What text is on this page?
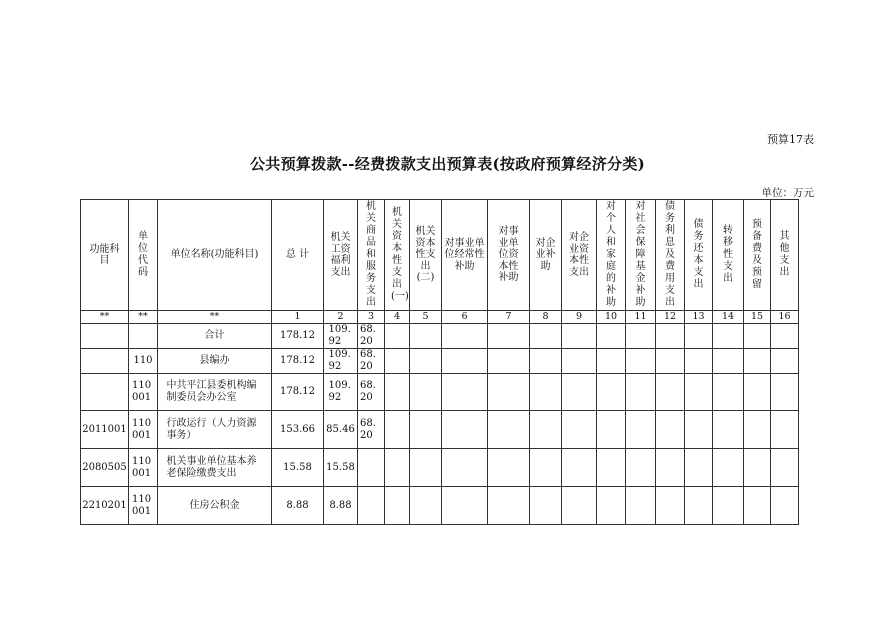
预算17表
公共预算拨款--经费拨款支出预算表(按政府预算经济分类)
单位：万元
功能科目	单位代码	单位名称(功能科目)	总 计	机关工资福利支出	机关商品和服务支出	机关资本性支出(一)	机关资本性支出(二)	对事业单位经常性补助	对事业单位资本性补助	对企业补助	对企业资本性支出	对个人和家庭的补助	对社会保障基金补助	债务利息及费用支出	债务还本支出	转移性支出	预备费及预留	其他支出
**	**	**	1	2	3	4	5	6	7	8	9	10	11	12	13	14	15	16
		合计	178.12	109.92	68.20													
	110	县编办	178.12	109.92	68.20													
	110001	中共平江县委机构编制委员会办公室	178.12	109.92	68.20													
2011001	110001	行政运行（人力资源事务）	153.66	85.46	68.20													
2080505	110001	机关事业单位基本养老保险缴费支出	15.58	15.58														
2210201	110001	住房公积金	8.88	8.88														
